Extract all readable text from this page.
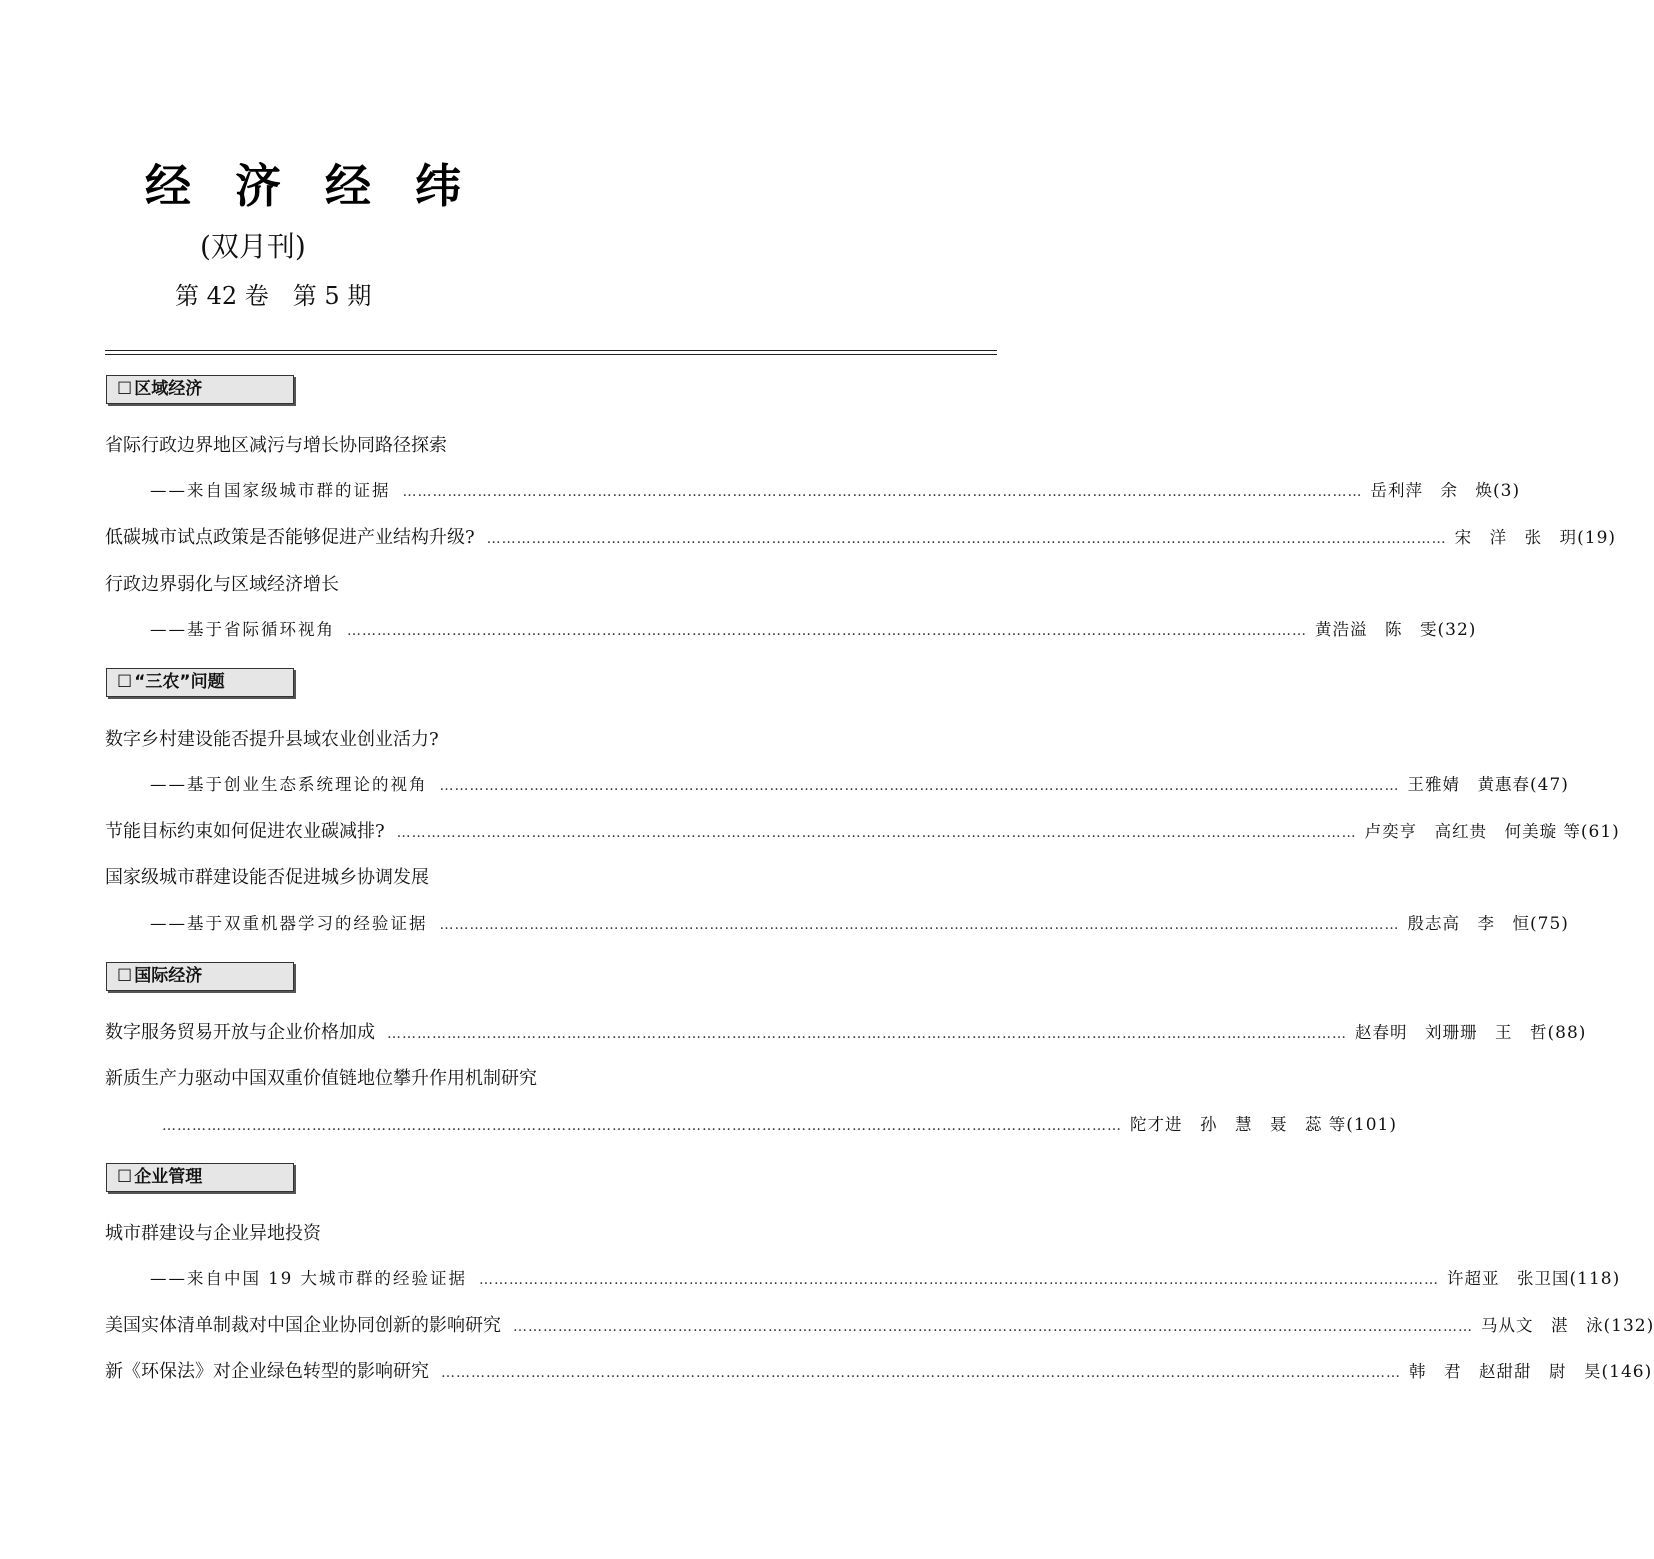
经 济 经 纬
(双月刊)
第 42 卷　第 5 期
☐ 区域经济
省际行政边界地区减污与增长协同路径探索
——来自国家级城市群的证据 ………………………………………………………………………………………………………………………………………………………………………… 岳利萍　余　焕 (3)
低碳城市试点政策是否能够促进产业结构升级? ………………………………………………………………………………………………………………………………………………………………………… 宋　洋　张　玥 (19)
行政边界弱化与区域经济增长
——基于省际循环视角 ………………………………………………………………………………………………………………………………………………………………………… 黄浩溢　陈　雯 (32)
☐ “三农”问题
数字乡村建设能否提升县域农业创业活力?
——基于创业生态系统理论的视角 ………………………………………………………………………………………………………………………………………………………………………… 王雅婧　黄惠春 (47)
节能目标约束如何促进农业碳减排? ………………………………………………………………………………………………………………………………………………………………………… 卢奕亨　高红贵　何美璇 等 (61)
国家级城市群建设能否促进城乡协调发展
——基于双重机器学习的经验证据 ………………………………………………………………………………………………………………………………………………………………………… 殷志高　李　恒 (75)
☐ 国际经济
数字服务贸易开放与企业价格加成 ………………………………………………………………………………………………………………………………………………………………………… 赵春明　刘珊珊　王　哲 (88)
新质生产力驱动中国双重价值链地位攀升作用机制研究
………………………………………………………………………………………………………………………………………………………………………… 陀才进　孙　慧　聂　蕊 等 (101)
☐ 企业管理
城市群建设与企业异地投资
——来自中国 19 大城市群的经验证据 ………………………………………………………………………………………………………………………………………………………………………… 许超亚　张卫国 (118)
美国实体清单制裁对中国企业协同创新的影响研究 ………………………………………………………………………………………………………………………………………………………………………… 马从文　湛　泳 (132)
新《环保法》对企业绿色转型的影响研究 ………………………………………………………………………………………………………………………………………………………………………… 韩　君　赵甜甜　尉　昊 (146)
